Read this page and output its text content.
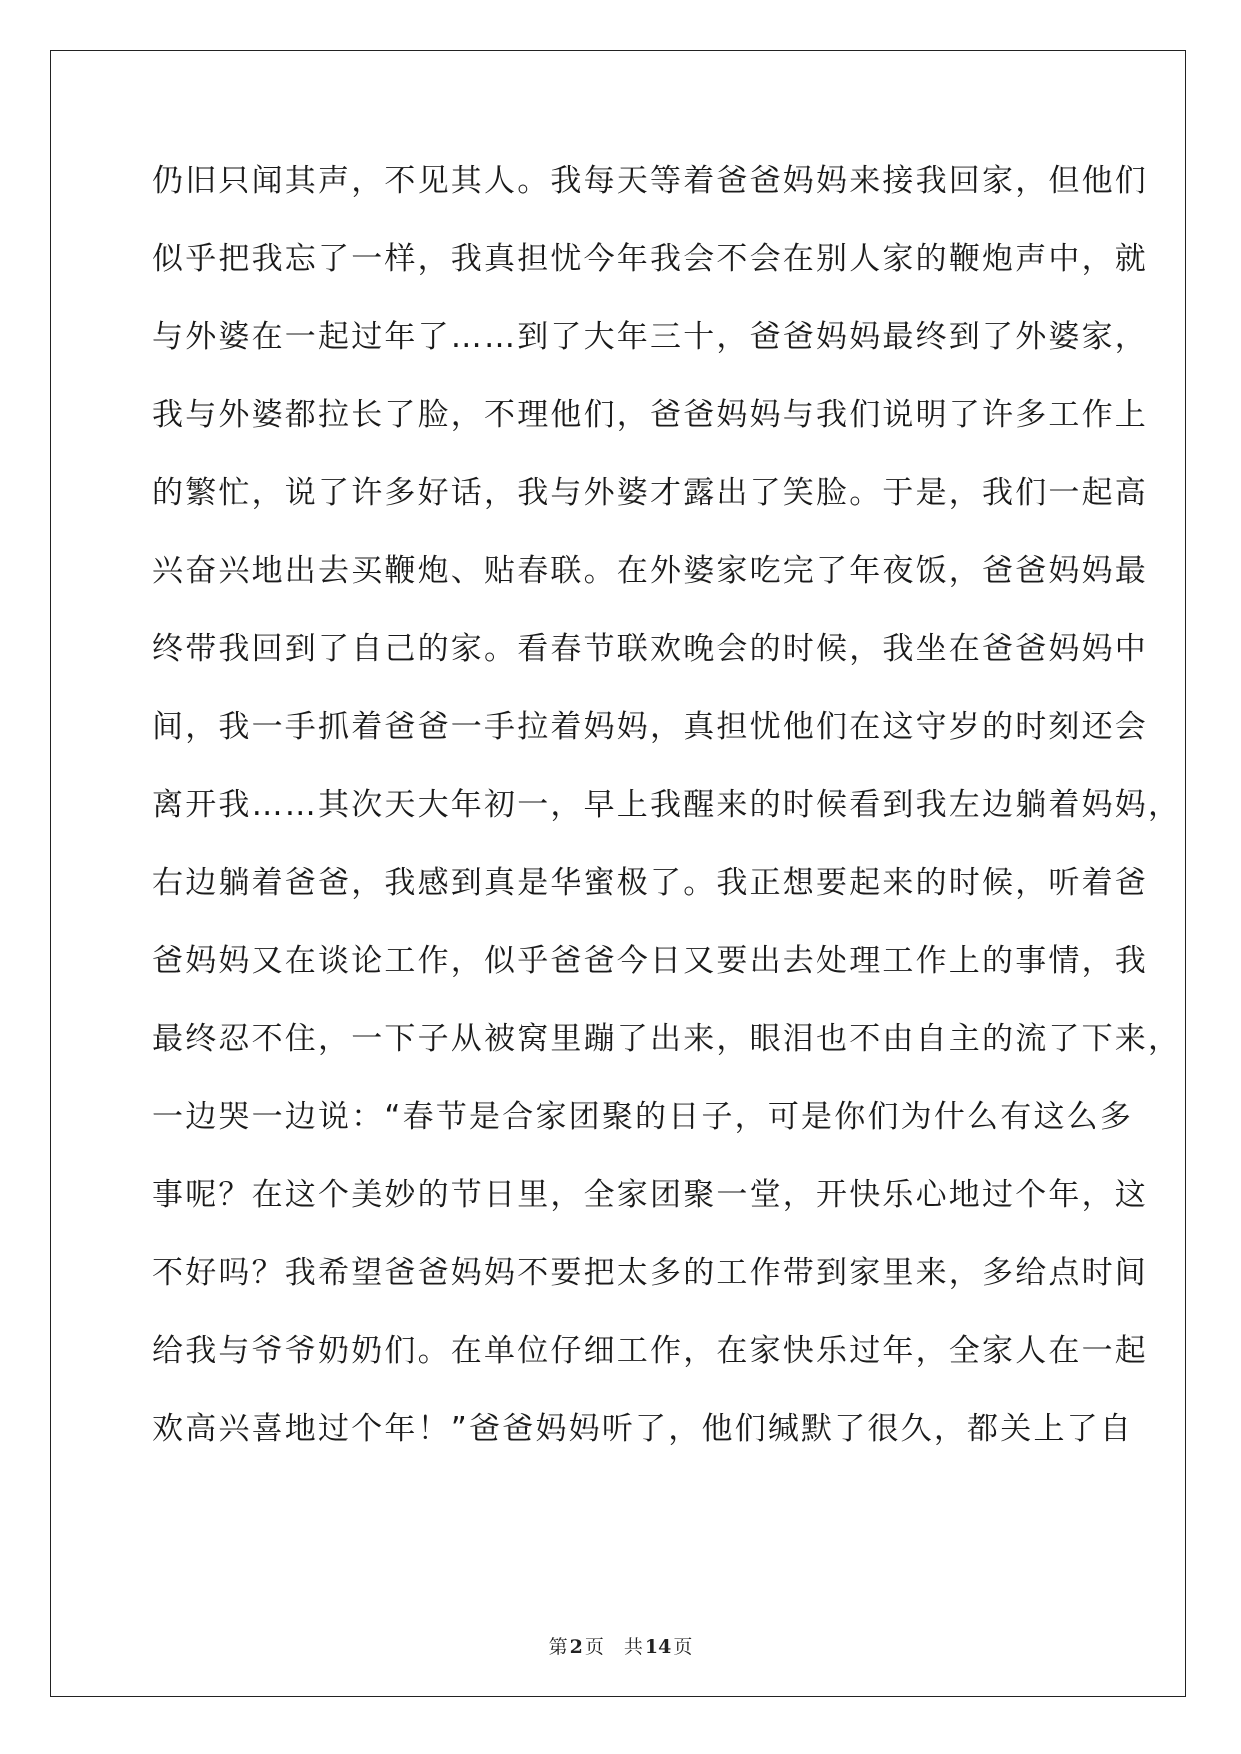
仍旧只闻其声，不见其人。我每天等着爸爸妈妈来接我回家，但他们
似乎把我忘了一样，我真担忧今年我会不会在别人家的鞭炮声中，就
与外婆在一起过年了……到了大年三十，爸爸妈妈最终到了外婆家，
我与外婆都拉长了脸，不理他们，爸爸妈妈与我们说明了许多工作上
的繁忙，说了许多好话，我与外婆才露出了笑脸。于是，我们一起高
兴奋兴地出去买鞭炮、贴春联。在外婆家吃完了年夜饭，爸爸妈妈最
终带我回到了自己的家。看春节联欢晚会的时候，我坐在爸爸妈妈中
间，我一手抓着爸爸一手拉着妈妈，真担忧他们在这守岁的时刻还会
离开我……其次天大年初一，早上我醒来的时候看到我左边躺着妈妈，
右边躺着爸爸，我感到真是华蜜极了。我正想要起来的时候，听着爸
爸妈妈又在谈论工作，似乎爸爸今日又要出去处理工作上的事情，我
最终忍不住，一下子从被窝里蹦了出来，眼泪也不由自主的流了下来，
一边哭一边说：“春节是合家团聚的日子，可是你们为什么有这么多
事呢？在这个美妙的节日里，全家团聚一堂，开快乐心地过个年，这
不好吗？我希望爸爸妈妈不要把太多的工作带到家里来，多给点时间
给我与爷爷奶奶们。在单位仔细工作，在家快乐过年，全家人在一起
欢高兴喜地过个年！”爸爸妈妈听了，他们缄默了很久，都关上了自
第 2 页 共 14 页
